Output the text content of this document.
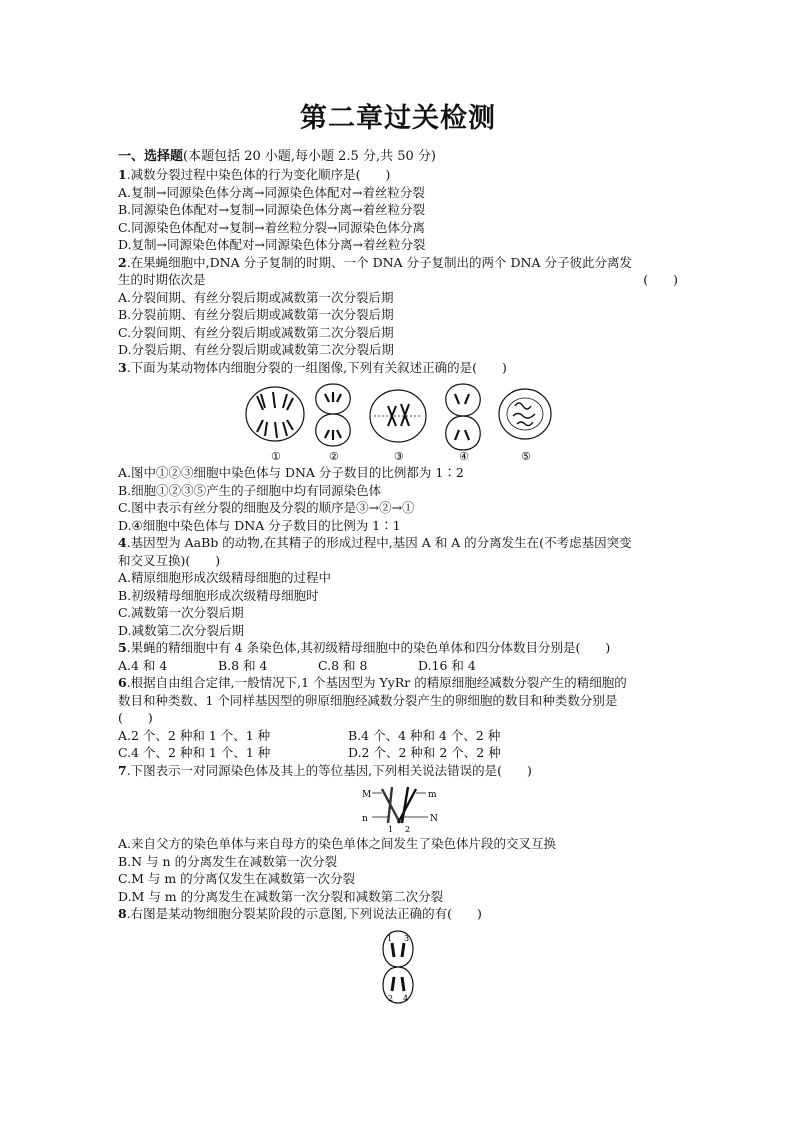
第二章过关检测
一、选择题(本题包括 20 小题,每小题 2.5 分,共 50 分)
1.减数分裂过程中染色体的行为变化顺序是(　　)
A.复制→同源染色体分离→同源染色体配对→着丝粒分裂
B.同源染色体配对→复制→同源染色体分离→着丝粒分裂
C.同源染色体配对→复制→着丝粒分裂→同源染色体分离
D.复制→同源染色体配对→同源染色体分离→着丝粒分裂
2.在果蝇细胞中,DNA 分子复制的时期、一个 DNA 分子复制出的两个 DNA 分子彼此分离发
生的时期依次是	(　　)
A.分裂间期、有丝分裂后期或减数第一次分裂后期
B.分裂前期、有丝分裂后期或减数第一次分裂后期
C.分裂间期、有丝分裂后期或减数第二次分裂后期
D.分裂后期、有丝分裂后期或减数第二次分裂后期
3.下面为某动物体内细胞分裂的一组图像,下列有关叙述正确的是(　　)
①	②	③	④	⑤
A.图中①②③细胞中染色体与 DNA 分子数目的比例都为 1∶2
B.细胞①②③⑤产生的子细胞中均有同源染色体
C.图中表示有丝分裂的细胞及分裂的顺序是③→②→①
D.④细胞中染色体与 DNA 分子数目的比例为 1∶1
4.基因型为 AaBb 的动物,在其精子的形成过程中,基因 A 和 A 的分离发生在(不考虑基因突变
和交叉互换)(　　)
A.精原细胞形成次级精母细胞的过程中
B.初级精母细胞形成次级精母细胞时
C.减数第一次分裂后期
D.减数第二次分裂后期
5.果蝇的精细胞中有 4 条染色体,其初级精母细胞中的染色单体和四分体数目分别是(　　)
A.4 和 4	B.8 和 4	C.8 和 8	D.16 和 4
6.根据自由组合定律,一般情况下,1 个基因型为 YyRr 的精原细胞经减数分裂产生的精细胞的
数目和种类数、1 个同样基因型的卵原细胞经减数分裂产生的卵细胞的数目和种类数分别是
(　　)
A.2 个、2 种和 1 个、1 种	B.4 个、4 种和 4 个、2 种
C.4 个、2 种和 1 个、1 种	D.2 个、2 种和 2 个、2 种
7.下图表示一对同源染色体及其上的等位基因,下列相关说法错误的是(　　)
M	m
n	N
1 2
A.来自父方的染色单体与来自母方的染色单体之间发生了染色体片段的交叉互换
B.N 与 n 的分离发生在减数第一次分裂
C.M 与 m 的分离仅发生在减数第一次分裂
D.M 与 m 的分离发生在减数第一次分裂和减数第二次分裂
8.右图是某动物细胞分裂某阶段的示意图,下列说法正确的有(　　)
1 3
2 4
